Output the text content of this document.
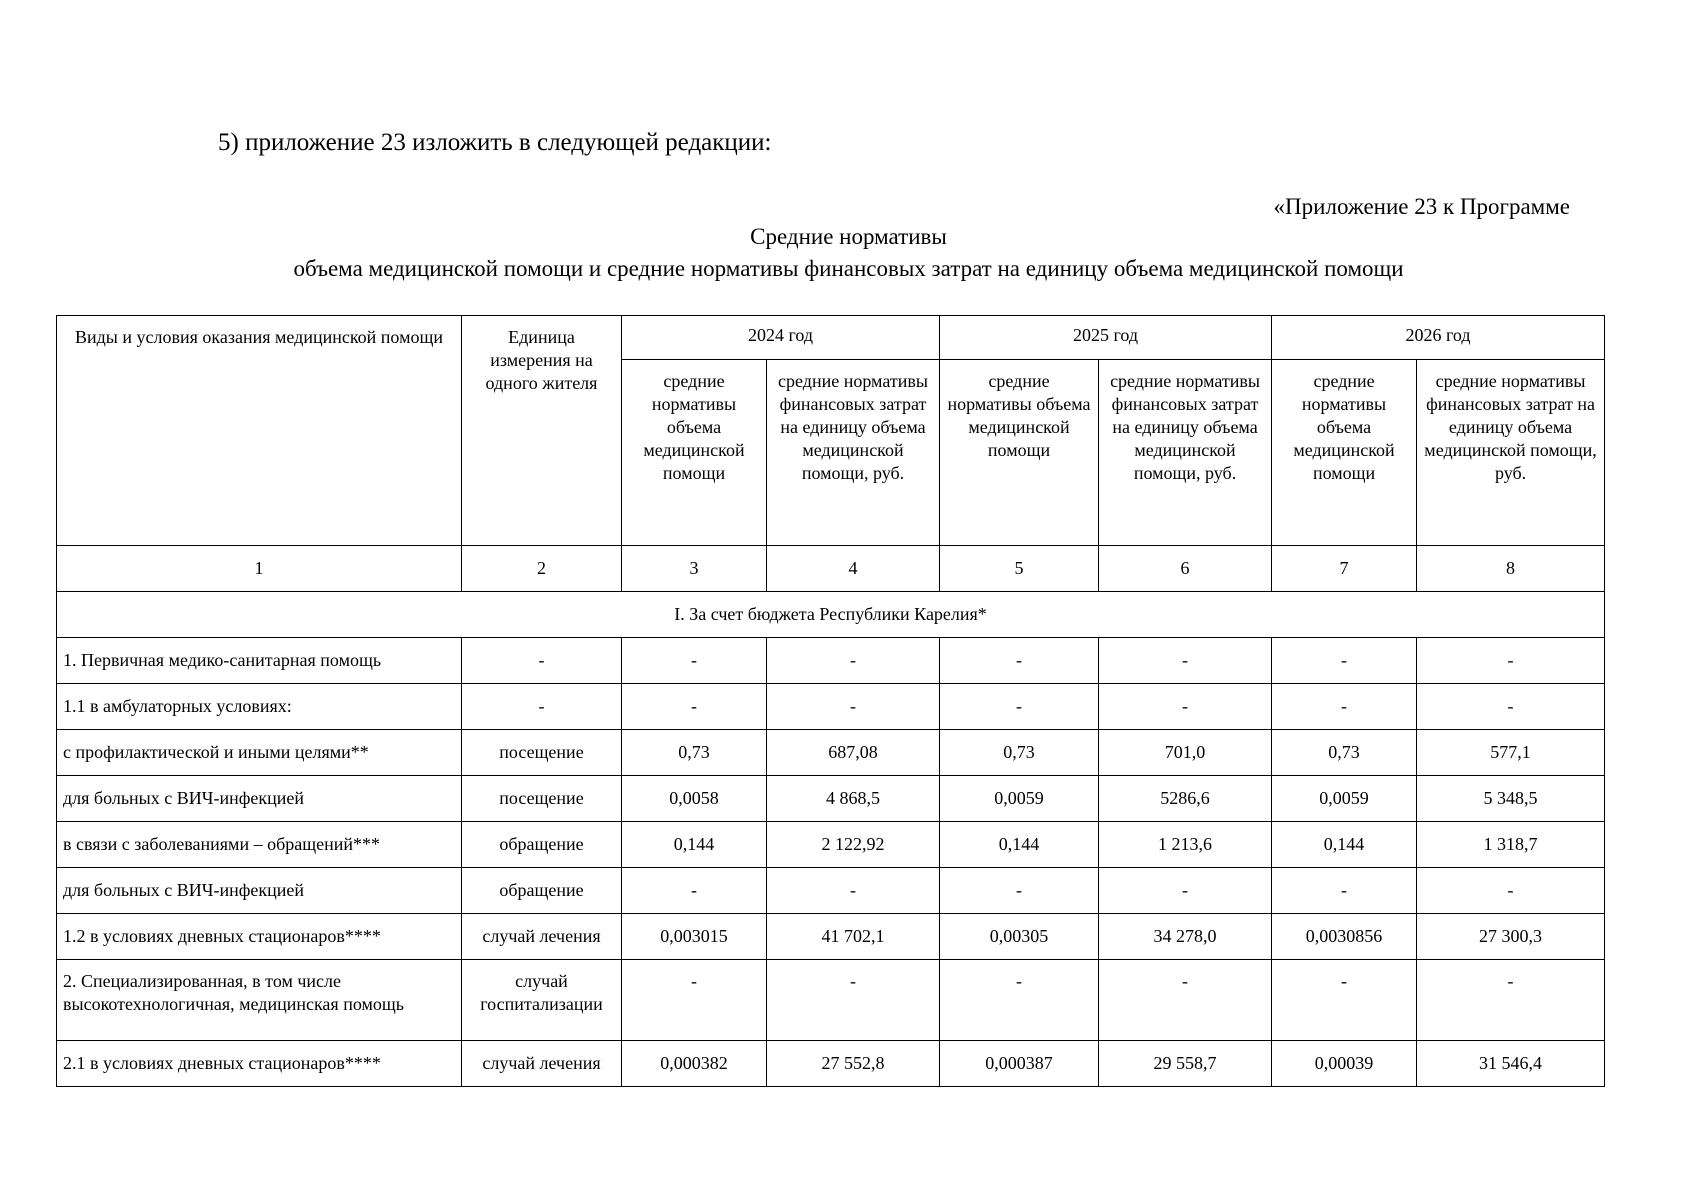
5) приложение 23 изложить в следующей редакции:
«Приложение 23 к Программе
Средние нормативы
объема медицинской помощи и средние нормативы финансовых затрат на единицу объема медицинской помощи
Виды и условия оказания медицинской помощи	Единица измерения на одного жителя	2024 год		2025 год		2026 год	
		средние нормативы объема медицинской помощи	средние нормативы финансовых затрат на единицу объема медицинской помощи, руб.	средние нормативы объема медицинской помощи	средние нормативы финансовых затрат на единицу объема медицинской помощи, руб.	средние нормативы объема медицинской помощи	средние нормативы финансовых затрат на единицу объема медицинской помощи, руб.
1	2	3	4	5	6	7	8
I. За счет бюджета Республики Карелия*							
1. Первичная медико-санитарная помощь	-	-	-	-	-	-	-
1.1 в амбулаторных условиях:	-	-	-	-	-	-	-
с профилактической и иными целями**	посещение	0,73	687,08	0,73	701,0	0,73	577,1
для больных с ВИЧ-инфекцией	посещение	0,0058	4 868,5	0,0059	5286,6	0,0059	5 348,5
в связи с заболеваниями – обращений***	обращение	0,144	2 122,92	0,144	1 213,6	0,144	1 318,7
для больных с ВИЧ-инфекцией	обращение	-	-	-	-	-	-
1.2 в условиях дневных стационаров****	случай лечения	0,003015	41 702,1	0,00305	34 278,0	0,0030856	27 300,3
2. Специализированная, в том числе высокотехнологичная, медицинская помощь	случай госпитализации	-	-	-	-	-	-
2.1 в условиях дневных стационаров****	случай лечения	0,000382	27 552,8	0,000387	29 558,7	0,00039	31 546,4
